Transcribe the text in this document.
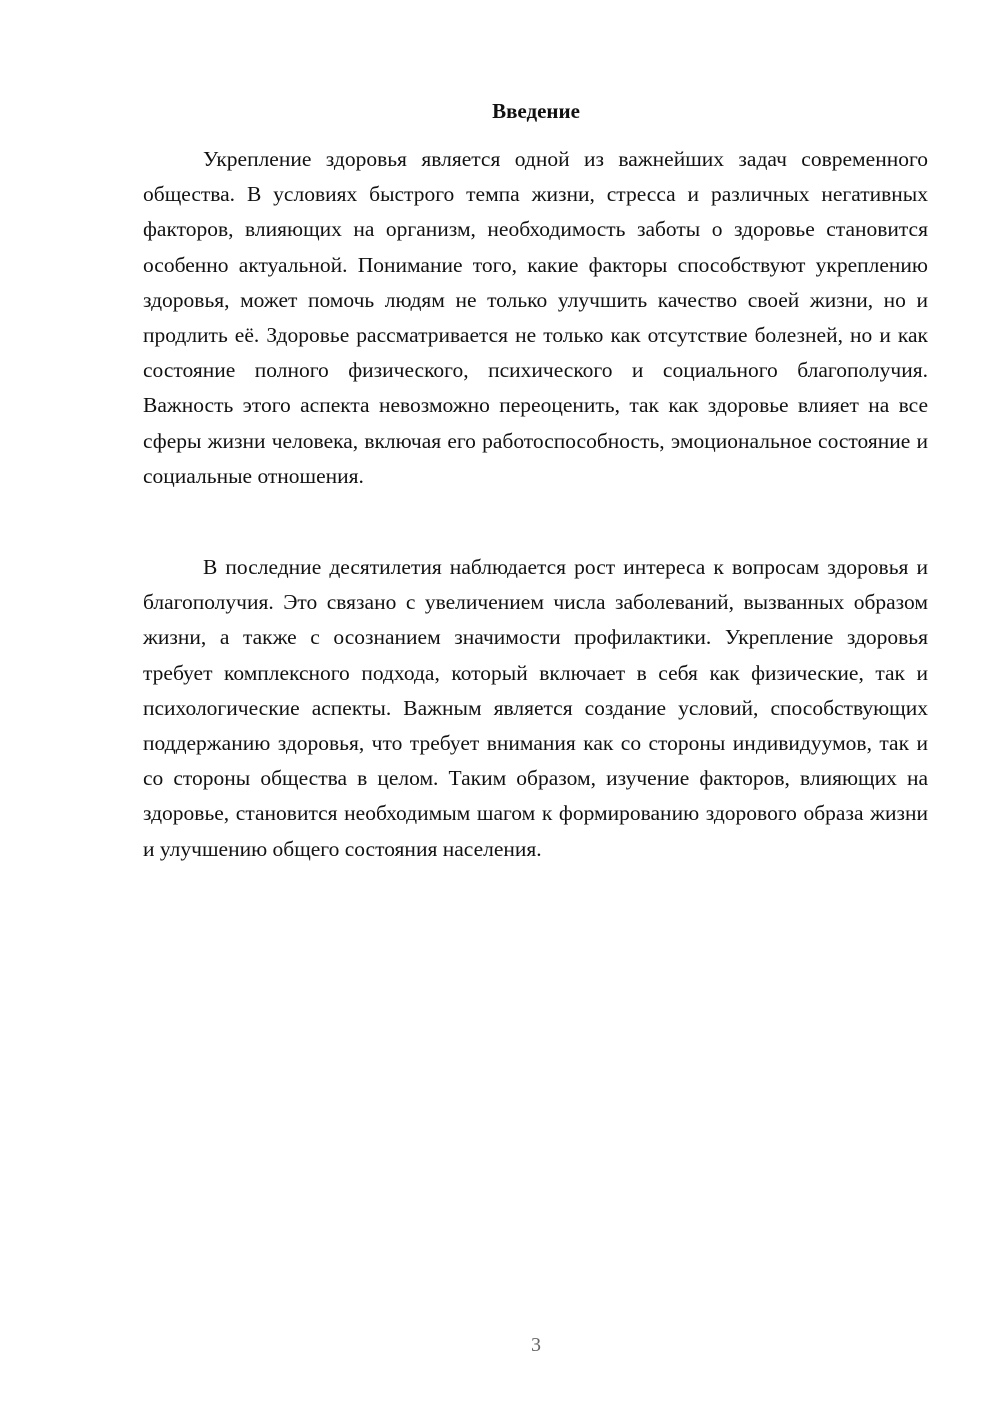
Введение

Укрепление здоровья является одной из важнейших задач современного общества. В условиях быстрого темпа жизни, стресса и различных негативных факторов, влияющих на организм, необходимость заботы о здоровье становится особенно актуальной. Понимание того, какие факторы способствуют укреплению здоровья, может помочь людям не только улучшить качество своей жизни, но и продлить её. Здоровье рассматривается не только как отсутствие болезней, но и как состояние полного физического, психического и социального благополучия. Важность этого аспекта невозможно переоценить, так как здоровье влияет на все сферы жизни человека, включая его работоспособность, эмоциональное состояние и социальные отношения.

В последние десятилетия наблюдается рост интереса к вопросам здоровья и благополучия. Это связано с увеличением числа заболеваний, вызванных образом жизни, а также с осознанием значимости профилактики. Укрепление здоровья требует комплексного подхода, который включает в себя как физические, так и психологические аспекты. Важным является создание условий, способствующих поддержанию здоровья, что требует внимания как со стороны индивидуумов, так и со стороны общества в целом. Таким образом, изучение факторов, влияющих на здоровье, становится необходимым шагом к формированию здорового образа жизни и улучшению общего состояния населения.

3
